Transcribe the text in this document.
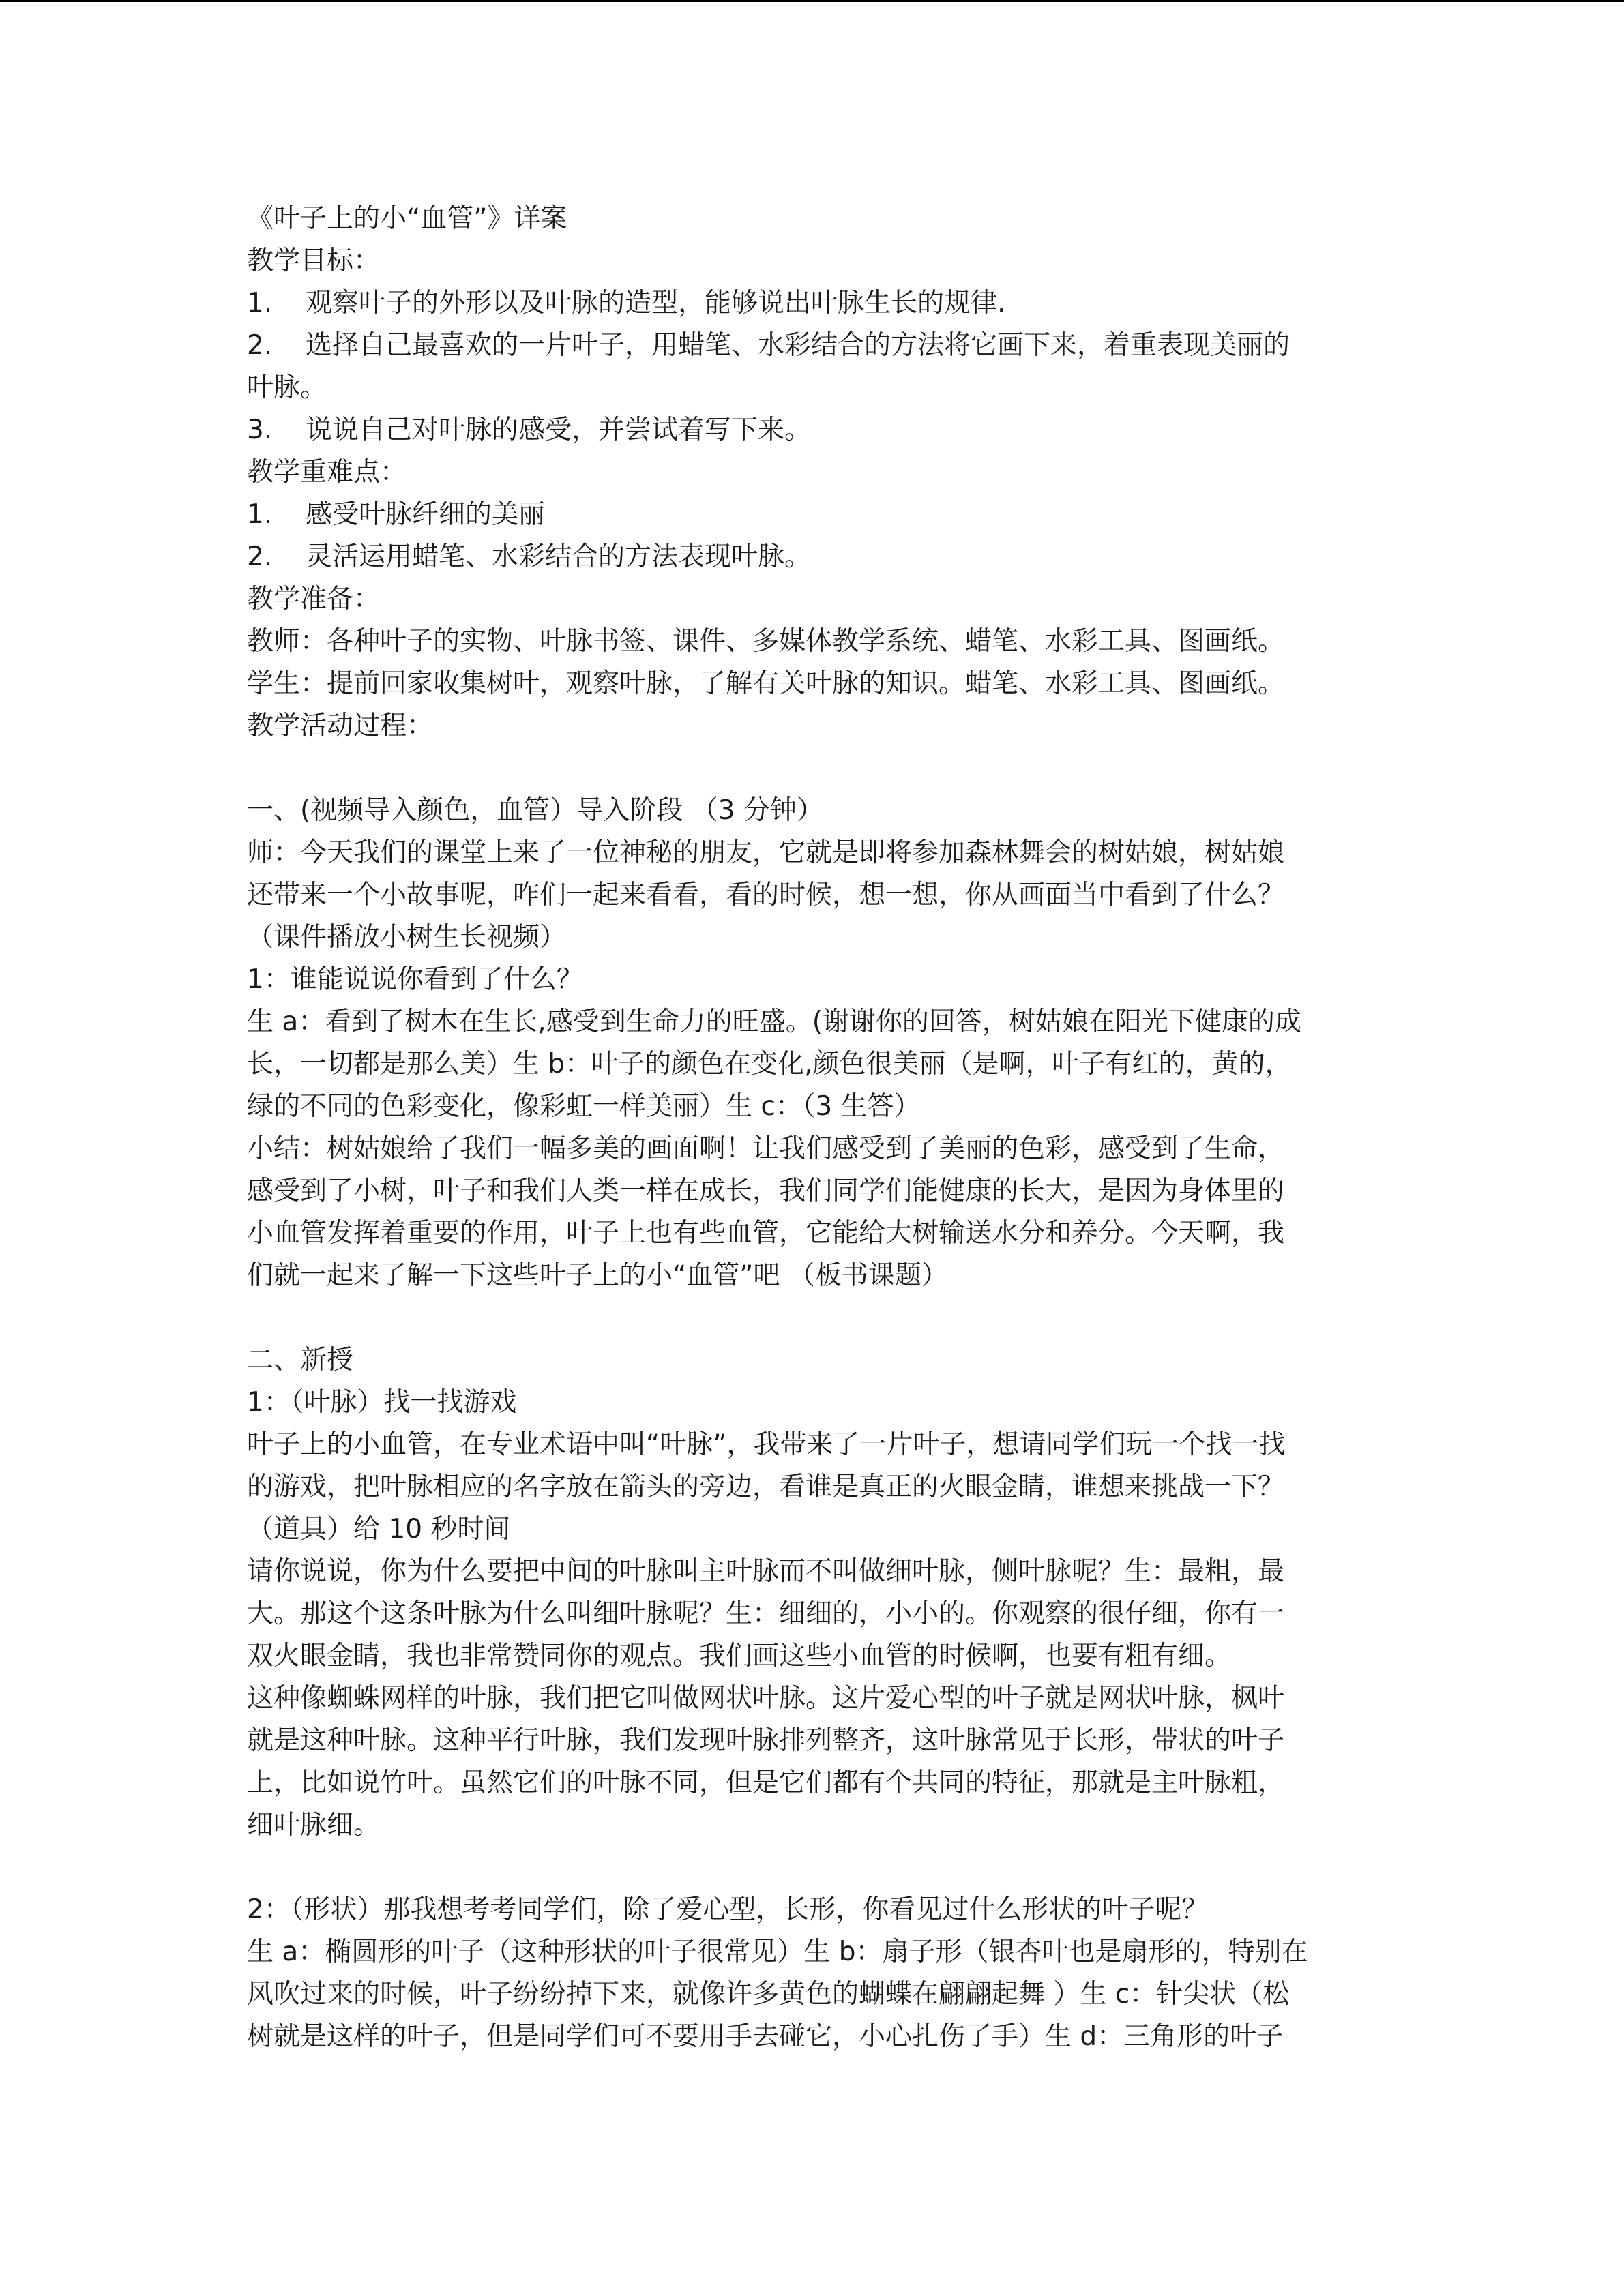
《叶子上的小“血管”》详案
教学目标：
1.	观察叶子的外形以及叶脉的造型，能够说出叶脉生长的规律.
2.	选择自己最喜欢的一片叶子，用蜡笔、水彩结合的方法将它画下来，着重表现美丽的
叶脉。
3.	说说自己对叶脉的感受，并尝试着写下来。
教学重难点：
1.	感受叶脉纤细的美丽
2.	灵活运用蜡笔、水彩结合的方法表现叶脉。
教学准备：
教师：各种叶子的实物、叶脉书签、课件、多媒体教学系统、蜡笔、水彩工具、图画纸。
学生：提前回家收集树叶，观察叶脉，了解有关叶脉的知识。蜡笔、水彩工具、图画纸。
教学活动过程：
一、(视频导入颜色，血管）导入阶段 （3 分钟）
师：今天我们的课堂上来了一位神秘的朋友，它就是即将参加森林舞会的树姑娘，树姑娘
还带来一个小故事呢，咋们一起来看看，看的时候，想一想，你从画面当中看到了什么？
（课件播放小树生长视频）
1：谁能说说你看到了什么？
生 a：看到了树木在生长,感受到生命力的旺盛。(谢谢你的回答，树姑娘在阳光下健康的成
长，一切都是那么美）生 b：叶子的颜色在变化,颜色很美丽（是啊，叶子有红的，黄的，
绿的不同的色彩变化，像彩虹一样美丽）生 c：（3 生答）
小结：树姑娘给了我们一幅多美的画面啊！让我们感受到了美丽的色彩，感受到了生命，
感受到了小树，叶子和我们人类一样在成长，我们同学们能健康的长大，是因为身体里的
小血管发挥着重要的作用，叶子上也有些血管，它能给大树输送水分和养分。今天啊，我
们就一起来了解一下这些叶子上的小“血管”吧 （板书课题）
二、新授
1：（叶脉）找一找游戏
叶子上的小血管，在专业术语中叫“叶脉”，我带来了一片叶子，想请同学们玩一个找一找
的游戏，把叶脉相应的名字放在箭头的旁边，看谁是真正的火眼金睛，谁想来挑战一下？
（道具）给 10 秒时间
请你说说，你为什么要把中间的叶脉叫主叶脉而不叫做细叶脉，侧叶脉呢？生：最粗，最
大。那这个这条叶脉为什么叫细叶脉呢？生：细细的，小小的。你观察的很仔细，你有一
双火眼金睛，我也非常赞同你的观点。我们画这些小血管的时候啊，也要有粗有细。
这种像蜘蛛网样的叶脉，我们把它叫做网状叶脉。这片爱心型的叶子就是网状叶脉，枫叶
就是这种叶脉。这种平行叶脉，我们发现叶脉排列整齐，这叶脉常见于长形，带状的叶子
上，比如说竹叶。虽然它们的叶脉不同，但是它们都有个共同的特征，那就是主叶脉粗，
细叶脉细。
2：（形状）那我想考考同学们，除了爱心型，长形，你看见过什么形状的叶子呢？
生 a：椭圆形的叶子（这种形状的叶子很常见）生 b：扇子形（银杏叶也是扇形的，特别在
风吹过来的时候，叶子纷纷掉下来，就像许多黄色的蝴蝶在翩翩起舞 ）生 c：针尖状（松
树就是这样的叶子，但是同学们可不要用手去碰它，小心扎伤了手）生 d：三角形的叶子
